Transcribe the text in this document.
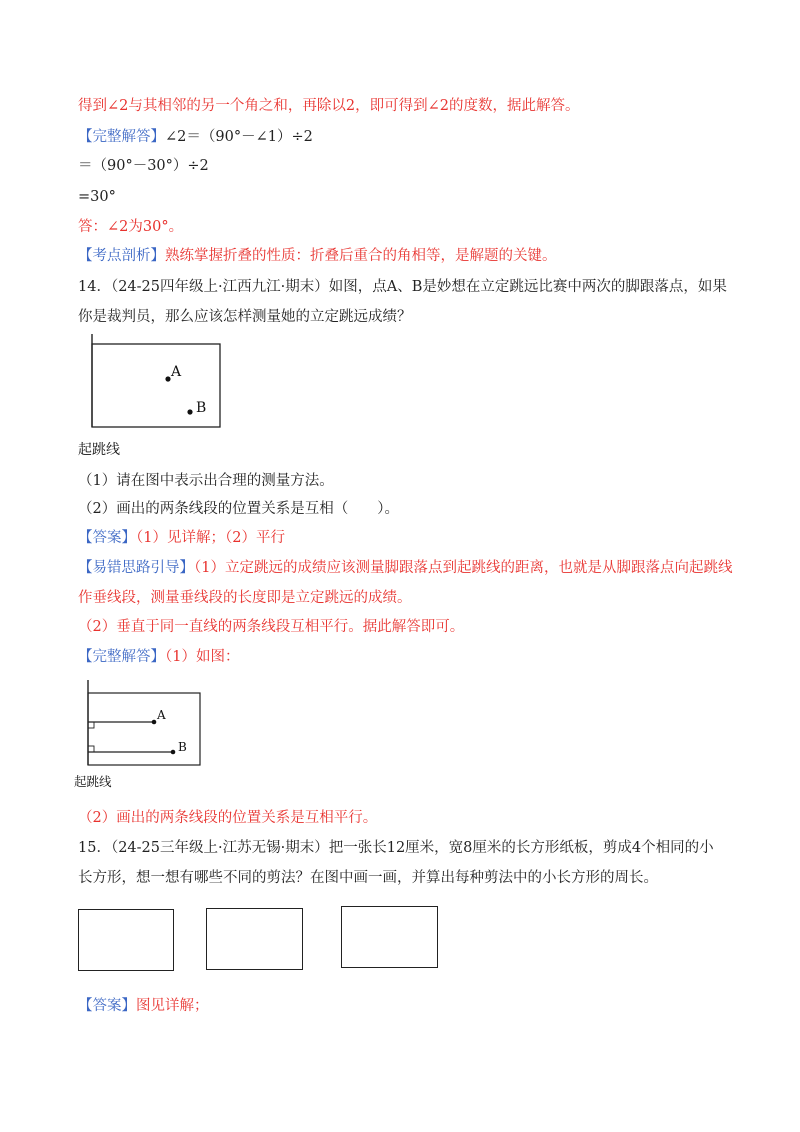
得到∠2与其相邻的另一个角之和，再除以2，即可得到∠2的度数，据此解答。
【完整解答】∠2＝（90°－∠1）÷2
＝（90°－30°）÷2
=30°
答：∠2为30°。
【考点剖析】熟练掌握折叠的性质：折叠后重合的角相等，是解题的关键。
14．（24-25四年级上·江西九江·期末）如图，点A、B是妙想在立定跳远比赛中两次的脚跟落点，如果
你是裁判员，那么应该怎样测量她的立定跳远成绩？
A
B
起跳线
（1）请在图中表示出合理的测量方法。
（2）画出的两条线段的位置关系是互相（　　）。
【答案】（1）见详解；（2）平行
【易错思路引导】（1）立定跳远的成绩应该测量脚跟落点到起跳线的距离，也就是从脚跟落点向起跳线
作垂线段，测量垂线段的长度即是立定跳远的成绩。
（2）垂直于同一直线的两条线段互相平行。据此解答即可。
【完整解答】（1）如图：
A
B
起跳线
（2）画出的两条线段的位置关系是互相平行。
15．（24-25三年级上·江苏无锡·期末）把一张长12厘米，宽8厘米的长方形纸板，剪成4个相同的小
长方形，想一想有哪些不同的剪法？在图中画一画，并算出每种剪法中的小长方形的周长。
【答案】图见详解；
